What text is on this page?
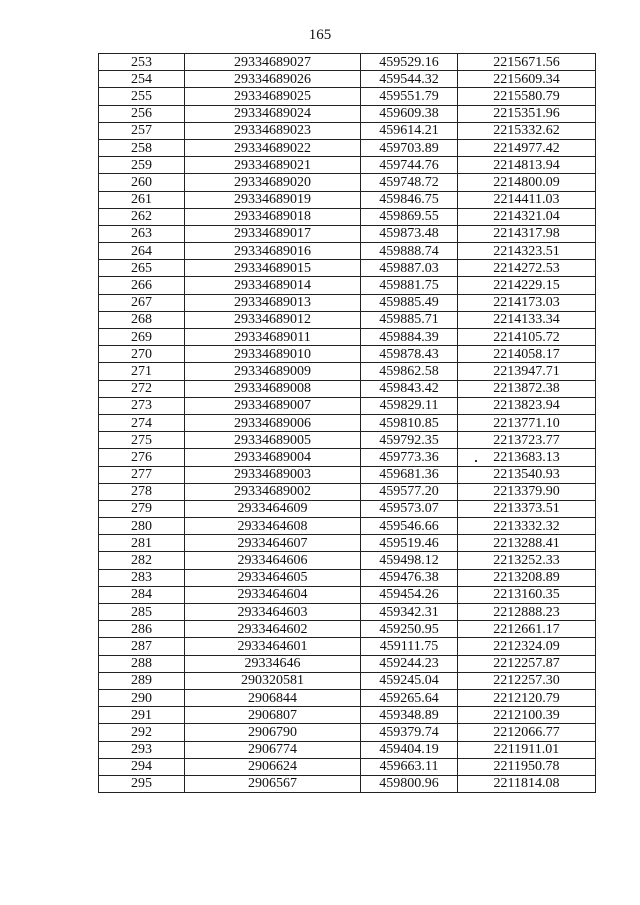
165
253	29334689027	459529.16	2215671.56
254	29334689026	459544.32	2215609.34
255	29334689025	459551.79	2215580.79
256	29334689024	459609.38	2215351.96
257	29334689023	459614.21	2215332.62
258	29334689022	459703.89	2214977.42
259	29334689021	459744.76	2214813.94
260	29334689020	459748.72	2214800.09
261	29334689019	459846.75	2214411.03
262	29334689018	459869.55	2214321.04
263	29334689017	459873.48	2214317.98
264	29334689016	459888.74	2214323.51
265	29334689015	459887.03	2214272.53
266	29334689014	459881.75	2214229.15
267	29334689013	459885.49	2214173.03
268	29334689012	459885.71	2214133.34
269	29334689011	459884.39	2214105.72
270	29334689010	459878.43	2214058.17
271	29334689009	459862.58	2213947.71
272	29334689008	459843.42	2213872.38
273	29334689007	459829.11	2213823.94
274	29334689006	459810.85	2213771.10
275	29334689005	459792.35	2213723.77
276	29334689004	459773.36	2213683.13
277	29334689003	459681.36	2213540.93
278	29334689002	459577.20	2213379.90
279	2933464609	459573.07	2213373.51
280	2933464608	459546.66	2213332.32
281	2933464607	459519.46	2213288.41
282	2933464606	459498.12	2213252.33
283	2933464605	459476.38	2213208.89
284	2933464604	459454.26	2213160.35
285	2933464603	459342.31	2212888.23
286	2933464602	459250.95	2212661.17
287	2933464601	459111.75	2212324.09
288	29334646	459244.23	2212257.87
289	290320581	459245.04	2212257.30
290	2906844	459265.64	2212120.79
291	2906807	459348.89	2212100.39
292	2906790	459379.74	2212066.77
293	2906774	459404.19	2211911.01
294	2906624	459663.11	2211950.78
295	2906567	459800.96	2211814.08
